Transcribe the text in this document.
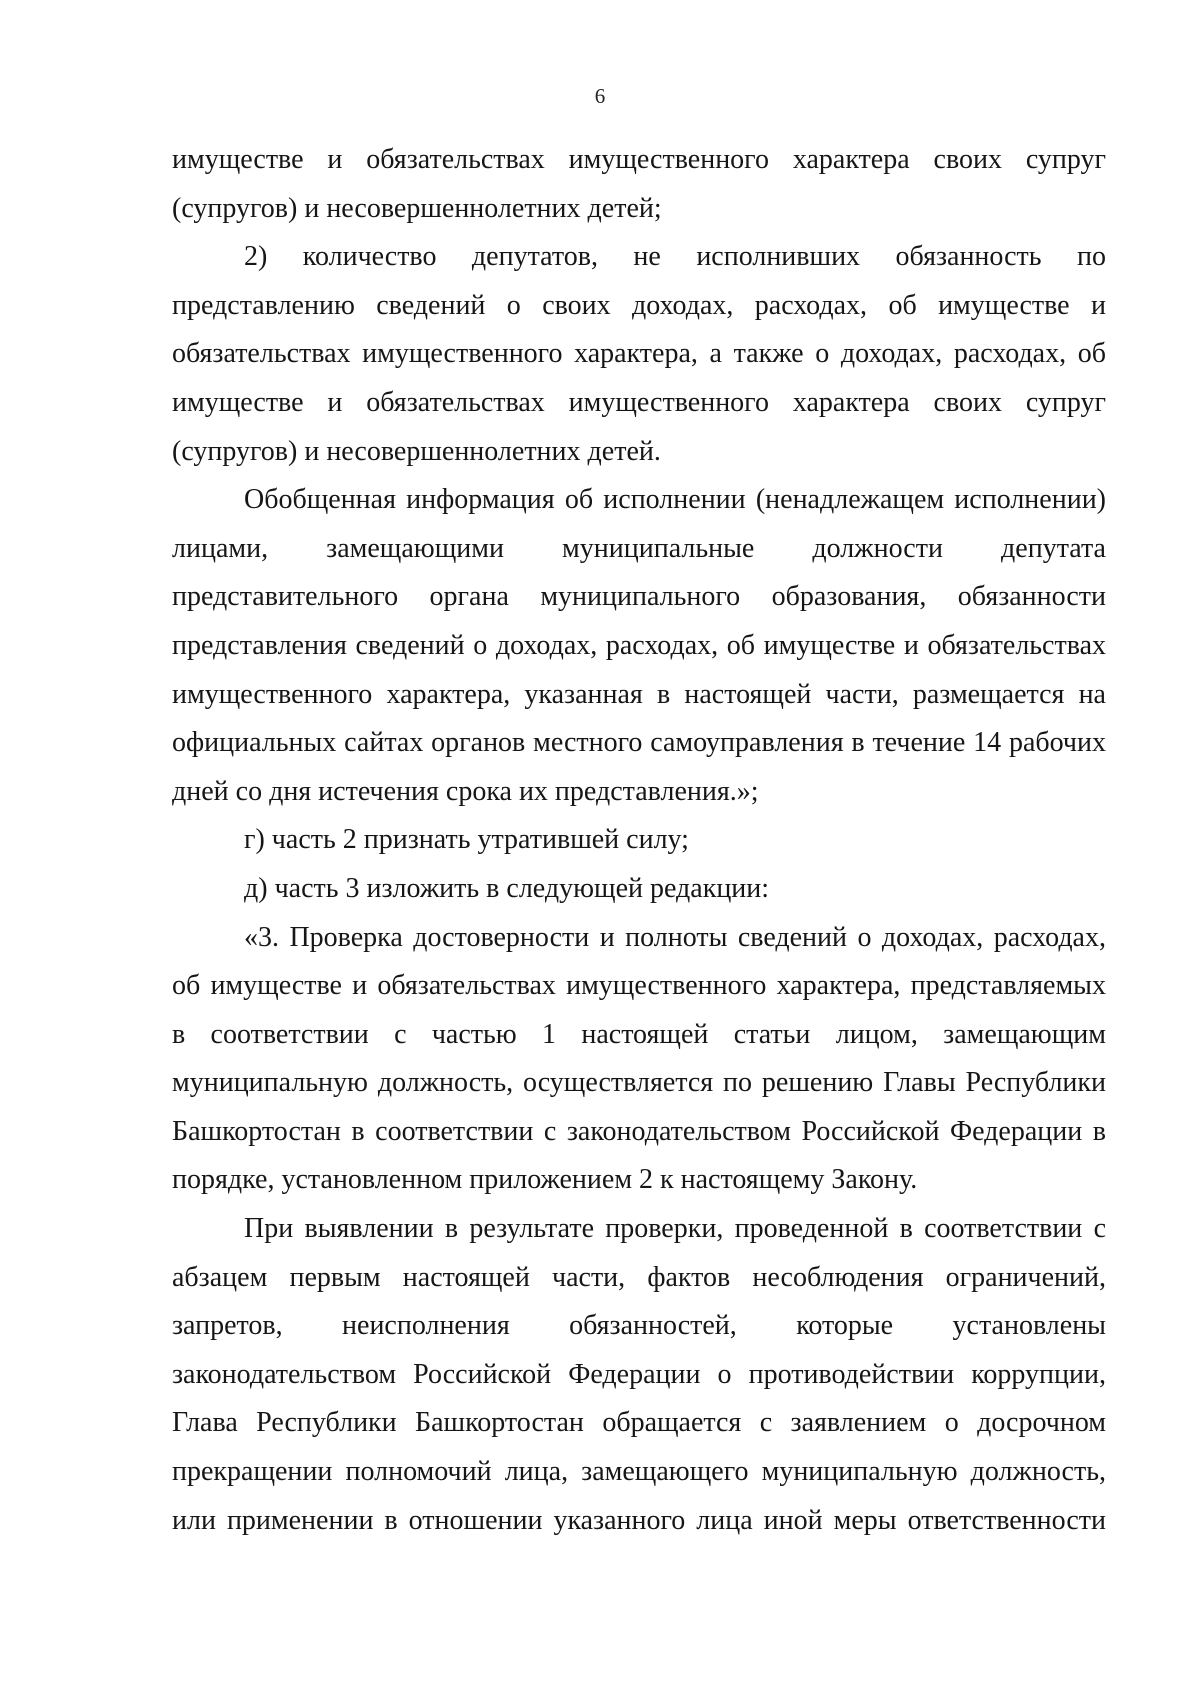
6

имуществе и обязательствах имущественного характера своих супруг (супругов) и несовершеннолетних детей;

2) количество депутатов, не исполнивших обязанность по представлению сведений о своих доходах, расходах, об имуществе и обязательствах имущественного характера, а также о доходах, расходах, об имуществе и обязательствах имущественного характера своих супруг (супругов) и несовершеннолетних детей.

Обобщенная информация об исполнении (ненадлежащем исполнении) лицами, замещающими муниципальные должности депутата представительного органа муниципального образования, обязанности представления сведений о доходах, расходах, об имуществе и обязательствах имущественного характера, указанная в настоящей части, размещается на официальных сайтах органов местного самоуправления в течение 14 рабочих дней со дня истечения срока их представления.»;

г) часть 2 признать утратившей силу;

д) часть 3 изложить в следующей редакции:

«3. Проверка достоверности и полноты сведений о доходах, расходах, об имуществе и обязательствах имущественного характера, представляемых в соответствии с частью 1 настоящей статьи лицом, замещающим муниципальную должность, осуществляется по решению Главы Республики Башкортостан в соответствии с законодательством Российской Федерации в порядке, установленном приложением 2 к настоящему Закону.

При выявлении в результате проверки, проведенной в соответствии с абзацем первым настоящей части, фактов несоблюдения ограничений, запретов, неисполнения обязанностей, которые установлены законодательством Российской Федерации о противодействии коррупции, Глава Республики Башкортостан обращается с заявлением о досрочном прекращении полномочий лица, замещающего муниципальную должность, или применении в отношении указанного лица иной меры ответственности
